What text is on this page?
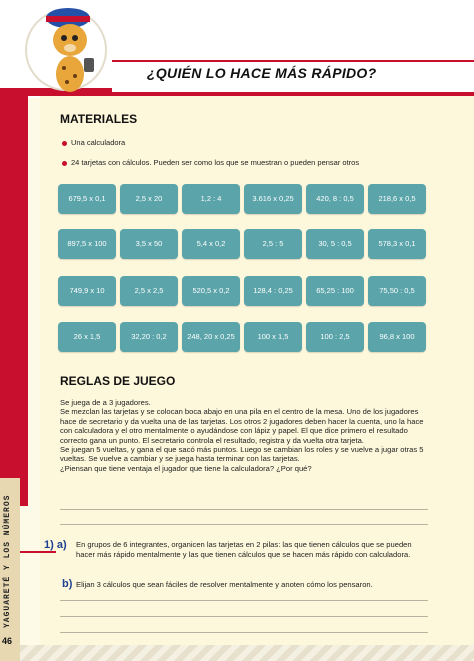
¿QUIÉN LO HACE MÁS RÁPIDO?
YAGUARETÉ Y LOS NÚMEROS
46
MATERIALES
Una calculadora
24 tarjetas con cálculos. Pueden ser como los que se muestran o pueden pensar otros
679,5 x 0,1	2,5 x 20	1,2 : 4	3.616 x 0,25	420, 8 : 0,5	218,6 x 0,5
897,5 x 100	3,5 x 50	5,4 x 0,2	2,5 : 5	30, 5 : 0,5	578,3 x 0,1
749,9 x 10	2,5 x 2,5	520,5 x 0,2	128,4 : 0,25	65,25 : 100	75,50 : 0,5
26 x 1,5	32,20 : 0,2	248, 20 x 0,25	100 x 1,5	100 : 2,5	96,8 x 100
REGLAS DE JUEGO

Se juega de a 3 jugadores.

Se mezclan las tarjetas y se colocan boca abajo en una pila en el centro de la mesa. Uno de los jugadores hace de secretario y da vuelta una de las tarjetas. Los otros 2 jugadores deben hacer la cuenta, uno la hace con calculadora y el otro mentalmente o ayudándose con lápiz y papel. El que dice primero el resultado correcto gana un punto. El secretario controla el resultado, registra y da vuelta otra tarjeta.

Se juegan 5 vueltas, y gana el que sacó más puntos. Luego se cambian los roles y se vuelve a jugar otras 5 vueltas. Se vuelve a cambiar y se juega hasta terminar con las tarjetas.

¿Piensan que tiene ventaja el jugador que tiene la calculadora? ¿Por qué?

1) a) En grupos de 6 integrantes, organicen las tarjetas en 2 pilas: las que tienen cálculos que se pueden hacer más rápido mentalmente y las que tienen cálculos que se hacen más rápido con calculadora.
b) Elijan 3 cálculos que sean fáciles de resolver mentalmente y anoten cómo los pensaron.
